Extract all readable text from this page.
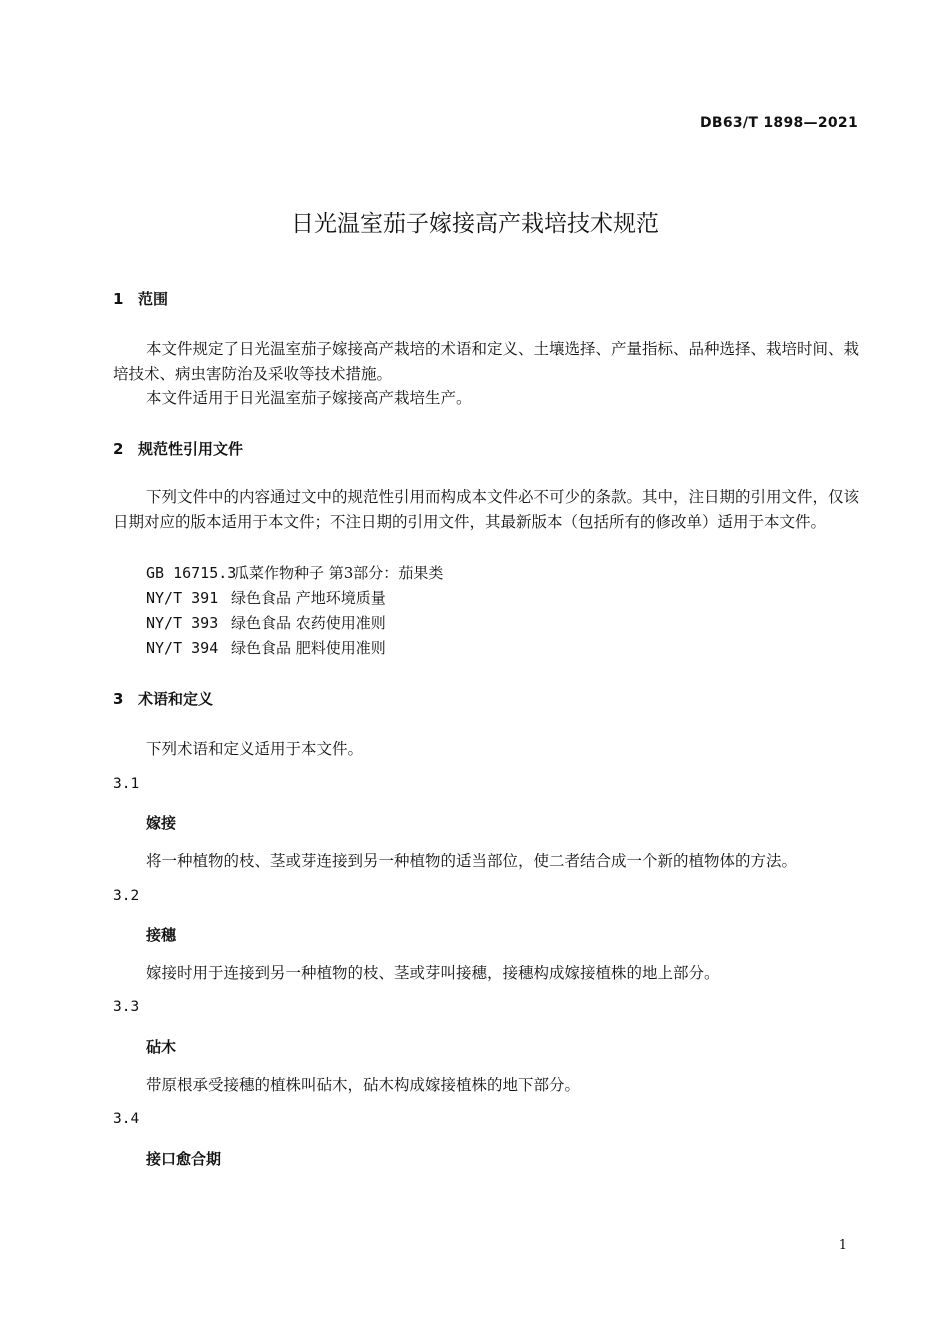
DB63/T 1898—2021
日光温室茄子嫁接高产栽培技术规范
1 范围
本文件规定了日光温室茄子嫁接高产栽培的术语和定义、土壤选择、产量指标、品种选择、栽培时间、栽培技术、病虫害防治及采收等技术措施。
本文件适用于日光温室茄子嫁接高产栽培生产。
2 规范性引用文件
下列文件中的内容通过文中的规范性引用而构成本文件必不可少的条款。其中，注日期的引用文件，仅该日期对应的版本适用于本文件；不注日期的引用文件，其最新版本（包括所有的修改单）适用于本文件。
GB 16715.3瓜菜作物种子 第3部分：茄果类
NY/T 391 绿色食品 产地环境质量
NY/T 393 绿色食品 农药使用准则
NY/T 394 绿色食品 肥料使用准则
3 术语和定义
下列术语和定义适用于本文件。
3.1
嫁接
将一种植物的枝、茎或芽连接到另一种植物的适当部位，使二者结合成一个新的植物体的方法。
3.2
接穗
嫁接时用于连接到另一种植物的枝、茎或芽叫接穗，接穗构成嫁接植株的地上部分。
3.3
砧木
带原根承受接穗的植株叫砧木，砧木构成嫁接植株的地下部分。
3.4
接口愈合期
1
